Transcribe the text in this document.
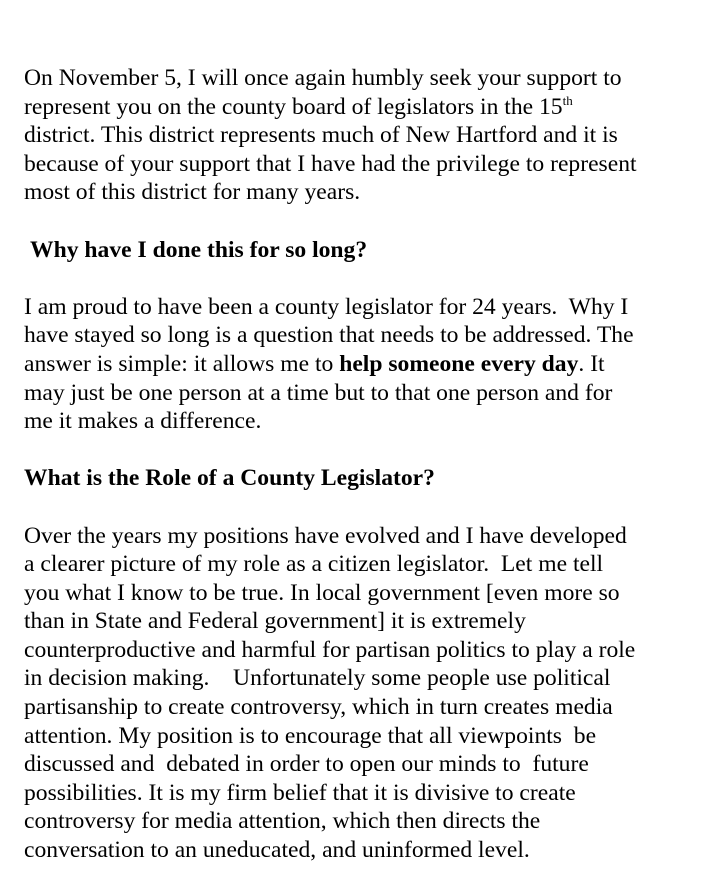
On November 5, I will once again humbly seek your support to
represent you on the county board of legislators in the 15th
district. This district represents much of New Hartford and it is
because of your support that I have had the privilege to represent
most of this district for many years.
Why have I done this for so long?
I am proud to have been a county legislator for 24 years.  Why I
have stayed so long is a question that needs to be addressed. The
answer is simple: it allows me to help someone every day. It
may just be one person at a time but to that one person and for
me it makes a difference.
What is the Role of a County Legislator?
Over the years my positions have evolved and I have developed
a clearer picture of my role as a citizen legislator.  Let me tell
you what I know to be true. In local government [even more so
than in State and Federal government] it is extremely
counterproductive and harmful for partisan politics to play a role
in decision making.    Unfortunately some people use political
partisanship to create controversy, which in turn creates media
attention. My position is to encourage that all viewpoints  be
discussed and  debated in order to open our minds to  future
possibilities. It is my firm belief that it is divisive to create
controversy for media attention, which then directs the
conversation to an uneducated, and uninformed level.
